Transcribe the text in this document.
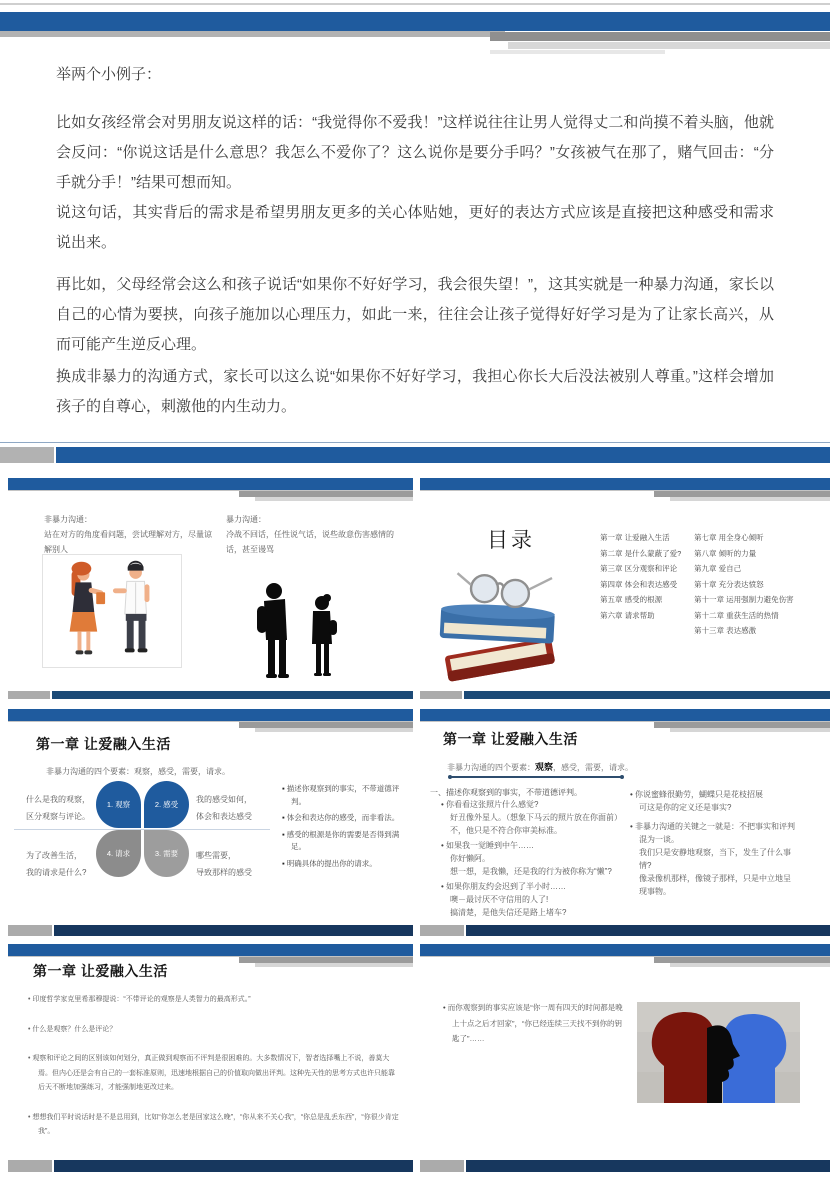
举两个小例子：
比如女孩经常会对男朋友说这样的话：“我觉得你不爱我！”这样说往往让男人觉得丈二和尚摸不着头脑，他就会反问：“你说这话是什么意思？我怎么不爱你了？这么说你是要分手吗？”女孩被气在那了，赌气回击：“分手就分手！”结果可想而知。
说这句话，其实背后的需求是希望男朋友更多的关心体贴她，更好的表达方式应该是直接把这种感受和需求说出来。
再比如，父母经常会这么和孩子说话“如果你不好好学习，我会很失望！”，这其实就是一种暴力沟通，家长以自己的心情为要挟，向孩子施加以心理压力，如此一来，往往会让孩子觉得好好学习是为了让家长高兴，从而可能产生逆反心理。
换成非暴力的沟通方式，家长可以这么说“如果你不好好学习，我担心你长大后没法被别人尊重。”这样会增加孩子的自尊心，刺激他的内生动力。
非暴力沟通：
站在对方的角度看问题，尝试理解对方，尽量谅解别人
暴力沟通：
冷战不回话，任性说气话，说些故意伤害感情的话，甚至谩骂	目录	第一章 让爱融入生活
第二章 是什么蒙蔽了爱?
第三章 区分观察和评论
第四章 体会和表达感受
第五章 感受的根源
第六章 请求帮助
第七章 用全身心倾听
第八章 倾听的力量
第九章 爱自己
第十章 充分表达愤怒
第十一章 运用强制力避免伤害
第十二章 重获生活的热情
第十三章 表达感激
第一章 让爱融入生活
非暴力沟通的四个要素：观察，感受，需要，请求。
1. 观察	2. 感受
4. 请求	3. 需要
什么是我的观察，
区分观察与评论。
我的感受如何，
体会和表达感受
为了改善生活，
我的请求是什么?
哪些需要，
导致那样的感受
▪ 描述你观察到的事实，不带道德评判。
▪ 体会和表达你的感受，而非看法。
▪ 感受的根源是你的需要是否得到满足。
▪ 明确具体的提出你的请求。
第一章 让爱融入生活
非暴力沟通的四个要素：观察，感受，需要，请求。
一、描述你观察到的事实，不带道德评判。
• 你看看这张照片什么感觉?
好丑像外星人。（想象下马云的照片放在你面前）
不，他只是不符合你审美标准。
• 如果我一觉睡到中午……
你好懒阿。
想一想，是我懒，还是我的行为被你称为“懒”?
• 如果你朋友约会迟到了半小时……
噢－最讨厌不守信用的人了!
搞清楚，是他失信还是路上堵车?
• 你说蜜蜂很勤劳，蝴蝶只是花枝招展
可这是你的定义还是事实?
• 非暴力沟通的关键之一就是：不把事实和评判混为一谈。
我们只是安静地观察，当下，发生了什么事情?
像录像机那样，像镜子那样，只是中立地呈现事物。
第一章 让爱融入生活
• 印度哲学家克里希那穆提说：“不带评论的观察是人类智力的最高形式。”
• 什么是观察？什么是评论？
• 观察和评论之间的区别该如何划分，真正做到观察而不评判是很困难的。大多数情况下，智者选择嘴上不说，善莫大焉。但内心还是会有自己的一套标准原则，迅速地根据自己的价值取向做出评判。这种先天性的思考方式也许只能靠后天不断地加强练习，才能强制地更改过来。
• 想想我们平时说话时是不是总用到，比如“你怎么老是回家这么晚”，“你从来不关心我”，“你总是乱丢东西”，“你很少肯定我”。
• 而你观察到的事实应该是“你一周有四天的时间都是晚上十点之后才回家”，“你已经连续三天找不到你的钥匙了”……
